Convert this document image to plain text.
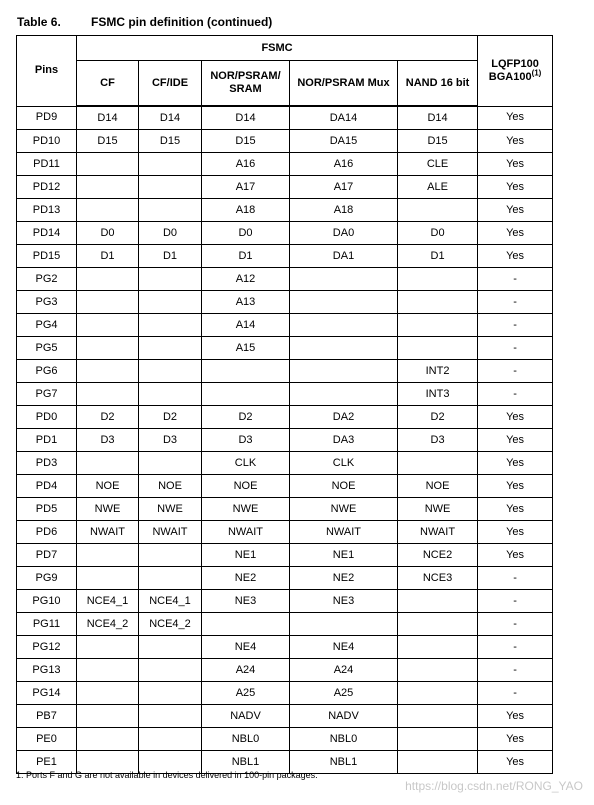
Table 6.	FSMC pin definition (continued)
Pins	FSMC					LQFP100
BGA100$^{(1)}$
	CF	CF/IDE	NOR/PSRAM/
SRAM	NOR/PSRAM Mux	NAND 16 bit	
PD9	D14	D14	D14	DA14	D14	Yes
PD10	D15	D15	D15	DA15	D15	Yes
PD11			A16	A16	CLE	Yes
PD12			A17	A17	ALE	Yes
PD13			A18	A18		Yes
PD14	D0	D0	D0	DA0	D0	Yes
PD15	D1	D1	D1	DA1	D1	Yes
PG2			A12			-
PG3			A13			-
PG4			A14			-
PG5			A15			-
PG6					INT2	-
PG7					INT3	-
PD0	D2	D2	D2	DA2	D2	Yes
PD1	D3	D3	D3	DA3	D3	Yes
PD3			CLK	CLK		Yes
PD4	NOE	NOE	NOE	NOE	NOE	Yes
PD5	NWE	NWE	NWE	NWE	NWE	Yes
PD6	NWAIT	NWAIT	NWAIT	NWAIT	NWAIT	Yes
PD7			NE1	NE1	NCE2	Yes
PG9			NE2	NE2	NCE3	-
PG10	NCE4_1	NCE4_1	NE3	NE3		-
PG11	NCE4_2	NCE4_2				-
PG12			NE4	NE4		-
PG13			A24	A24		-
PG14			A25	A25		-
PB7			NADV	NADV		Yes
PE0			NBL0	NBL0		Yes
PE1			NBL1	NBL1		Yes
1. Ports F and G are not available in devices delivered in 100-pin packages.
https://blog.csdn.net/RONG_YAO
